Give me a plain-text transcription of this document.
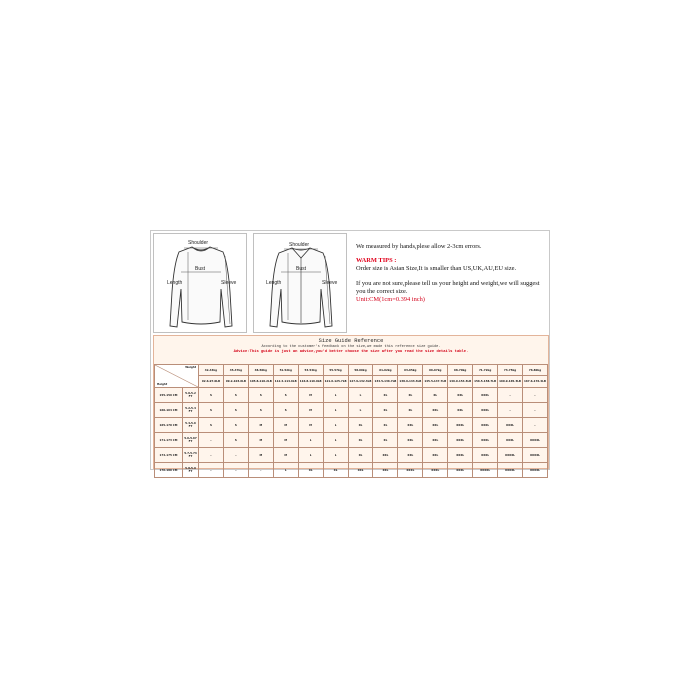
Shoulder
Bust
Length	Sleeve
Shoulder
Bust
Length	Sleeve

We measured by hands,plese allow 2-3cm errors.

WARM TIPS :

Order size is Asian Size,It is smaller than US,UK,AU,EU size.

If you are not sure,please tell us your height and weight,we will suggest you the correct size.

Unit:CM(1cm=0.394 inch)

Size Guide Reference
According to the customer's feedback on the size,we made this reference size guide.
Advice:This guide is just an advice,you'd better choose the size after you read the size details table.
Weight
Height		42-44kg	45-47kg	48-50kg	51-52kg	53-54kg	55-57kg	58-60kg	61-62kg	63-65kg	66-67kg	68-70kg	71-72kg	73-75kg	76-80kg
		92.6-97.0LB	99.2-103.6LB	105.8-110.2LB	112.4-114.6LB	116.8-119.0LB	121.6-125.7LB	127.9-132.3LB	134.5-136.7LB	138.9-143.3LB	145.5-147.7LB	149.9-154.3LB	156.5-158.7LB	160.9-165.3LB	167.6-176.4LB
155-159 CM	5.0-5.2 FT	S	S	S	S	M	L	L	XL	XL	XL	XXL	XXXL	-	-
160-164 CM	5.2-5.4 FT	S	S	S	S	M	L	L	XL	XL	XXL	XXL	XXXL	-	-
165-170 CM	5.4-5.6 FT	S	S	M	M	M	L	XL	XL	XXL	XXL	XXXL	XXXL	XXXL	-
171-173 CM	5.6-5.67 FT	-	S	M	M	L	L	XL	XL	XXL	XXL	XXXL	XXXL	XXXL	XXXXL
174-175 CM	5.7-5.74 FT	-	-	M	M	L	L	XL	XXL	XXL	XXL	XXXL	XXXL	XXXXL	XXXXL
176-180 CM	5.8-5.9 FT	-	-	-	L	XL	XL	XXL	XXL	XXXL	XXXL	XXXL	XXXXL	XXXXL	XXXXL
